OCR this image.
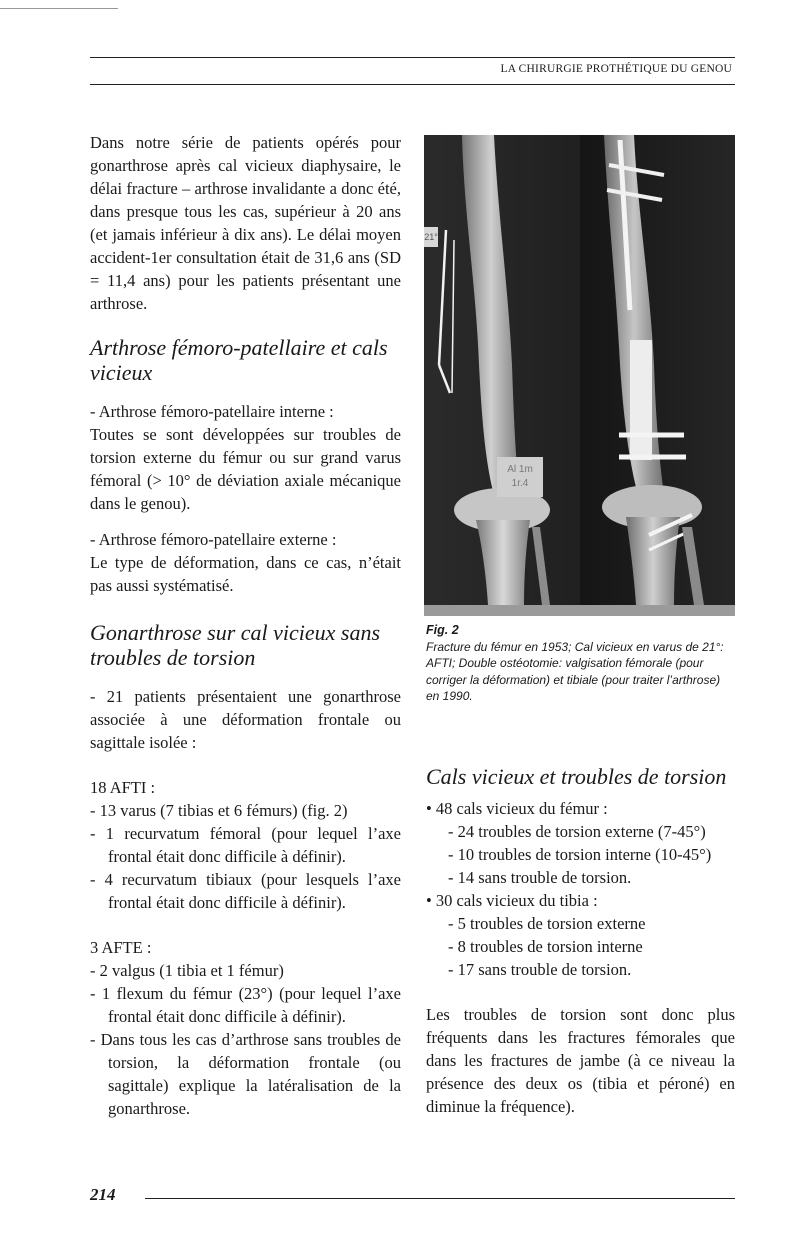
LA CHIRURGIE PROTHÉTIQUE DU GENOU

Dans notre série de patients opérés pour gonarthrose après cal vicieux diaphysaire, le délai fracture – arthrose invalidante a donc été, dans presque tous les cas, supérieur à 20 ans (et jamais inférieur à dix ans). Le délai moyen accident-1er consultation était de 31,6 ans (SD = 11,4 ans) pour les patients présentant une arthrose.

Arthrose fémoro-patellaire et cals vicieux

- Arthrose fémoro-patellaire interne :

Toutes se sont développées sur troubles de torsion externe du fémur ou sur grand varus fémoral (> 10° de déviation axiale mécanique dans le genou).

- Arthrose fémoro-patellaire externe :

Le type de déformation, dans ce cas, n’était pas aussi systématisé.

Gonarthrose sur cal vicieux sans troubles de torsion

- 21 patients présentaient une gonarthrose associée à une déformation frontale ou sagittale isolée :

18 AFTI :

- 13 varus (7 tibias et 6 fémurs) (fig. 2)

- 1 recurvatum fémoral (pour lequel l’axe frontal était donc difficile à définir).

- 4 recurvatum tibiaux (pour lesquels l’axe frontal était donc difficile à définir).

3 AFTE :

- 2 valgus (1 tibia et 1 fémur)

- 1 flexum du fémur (23°) (pour lequel l’axe frontal était donc difficile à définir).

- Dans tous les cas d’arthrose sans troubles de torsion, la déformation frontale (ou sagittale) explique la latéralisation de la gonarthrose.

21°
Al 1m
1r.4
Fig. 2
Fracture du fémur en 1953; Cal vicieux en varus de 21°: AFTI; Double ostéotomie: valgisation fémorale (pour corriger la déformation) et tibiale (pour traiter l’arthrose) en 1990.
Cals vicieux et troubles de torsion

• 48 cals vicieux du fémur :

- 24 troubles de torsion externe (7-45°)

- 10 troubles de torsion interne (10-45°)

- 14 sans trouble de torsion.

• 30 cals vicieux du tibia :

- 5 troubles de torsion externe

- 8 troubles de torsion interne

- 17 sans trouble de torsion.

Les troubles de torsion sont donc plus fréquents dans les fractures fémorales que dans les fractures de jambe (à ce niveau la présence des deux os (tibia et péroné) en diminue la fréquence).

214
